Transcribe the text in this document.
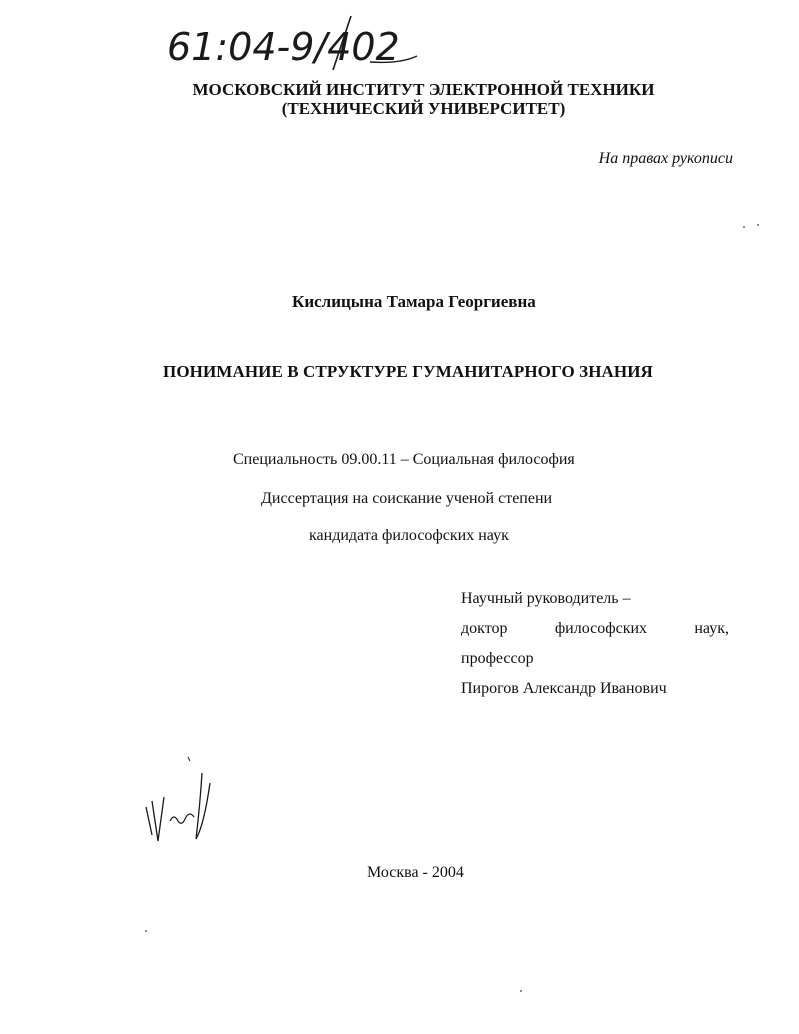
61:04-9/402
МОСКОВСКИЙ ИНСТИТУТ ЭЛЕКТРОННОЙ ТЕХНИКИ
(ТЕХНИЧЕСКИЙ УНИВЕРСИТЕТ)
На правах рукописи
Кислицына Тамара Георгиевна
ПОНИМАНИЕ В СТРУКТУРЕ ГУМАНИТАРНОГО ЗНАНИЯ
Специальность 09.00.11 – Социальная философия
Диссертация на соискание ученой степени
кандидата философских наук
Научный руководитель –
доктор	философских	наук,
профессор
Пирогов Александр Иванович
Москва - 2004
